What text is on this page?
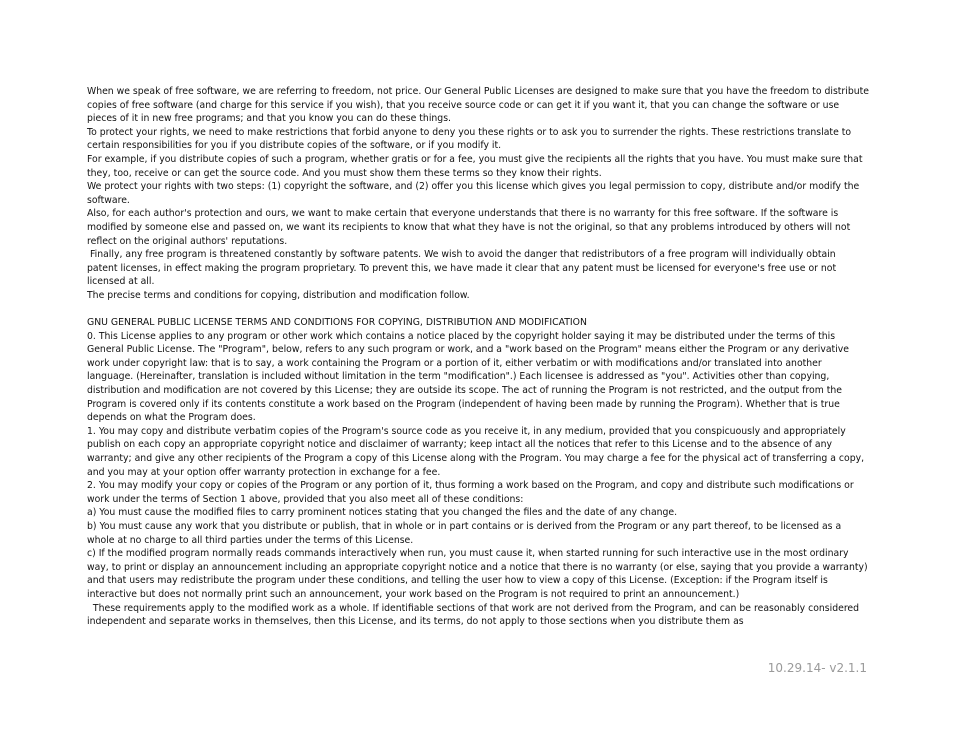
When we speak of free software, we are referring to freedom, not price. Our General Public Licenses are designed to make sure that you have the freedom to distribute copies of free software (and charge for this service if you wish), that you receive source code or can get it if you want it, that you can change the software or use pieces of it in new free programs; and that you know you can do these things.

To protect your rights, we need to make restrictions that forbid anyone to deny you these rights or to ask you to surrender the rights. These restrictions translate to certain responsibilities for you if you distribute copies of the software, or if you modify it.

For example, if you distribute copies of such a program, whether gratis or for a fee, you must give the recipients all the rights that you have. You must make sure that they, too, receive or can get the source code. And you must show them these terms so they know their rights.

We protect your rights with two steps: (1) copyright the software, and (2) offer you this license which gives you legal permission to copy, distribute and/or modify the software.

Also, for each author's protection and ours, we want to make certain that everyone understands that there is no warranty for this free software. If the software is modified by someone else and passed on, we want its recipients to know that what they have is not the original, so that any problems introduced by others will not reflect on the original authors' reputations.

Finally, any free program is threatened constantly by software patents. We wish to avoid the danger that redistributors of a free program will individually obtain patent licenses, in effect making the program proprietary. To prevent this, we have made it clear that any patent must be licensed for everyone's free use or not licensed at all.

The precise terms and conditions for copying, distribution and modification follow.

GNU GENERAL PUBLIC LICENSE TERMS AND CONDITIONS FOR COPYING, DISTRIBUTION AND MODIFICATION

0. This License applies to any program or other work which contains a notice placed by the copyright holder saying it may be distributed under the terms of this General Public License. The "Program", below, refers to any such program or work, and a "work based on the Program" means either the Program or any derivative work under copyright law: that is to say, a work containing the Program or a portion of it, either verbatim or with modifications and/or translated into another language. (Hereinafter, translation is included without limitation in the term "modification".) Each licensee is addressed as "you". Activities other than copying, distribution and modification are not covered by this License; they are outside its scope. The act of running the Program is not restricted, and the output from the Program is covered only if its contents constitute a work based on the Program (independent of having been made by running the Program). Whether that is true depends on what the Program does.

1. You may copy and distribute verbatim copies of the Program's source code as you receive it, in any medium, provided that you conspicuously and appropriately publish on each copy an appropriate copyright notice and disclaimer of warranty; keep intact all the notices that refer to this License and to the absence of any warranty; and give any other recipients of the Program a copy of this License along with the Program. You may charge a fee for the physical act of transferring a copy, and you may at your option offer warranty protection in exchange for a fee.

2. You may modify your copy or copies of the Program or any portion of it, thus forming a work based on the Program, and copy and distribute such modifications or work under the terms of Section 1 above, provided that you also meet all of these conditions:

a) You must cause the modified files to carry prominent notices stating that you changed the files and the date of any change.

b) You must cause any work that you distribute or publish, that in whole or in part contains or is derived from the Program or any part thereof, to be licensed as a whole at no charge to all third parties under the terms of this License.

c) If the modified program normally reads commands interactively when run, you must cause it, when started running for such interactive use in the most ordinary way, to print or display an announcement including an appropriate copyright notice and a notice that there is no warranty (or else, saying that you provide a warranty) and that users may redistribute the program under these conditions, and telling the user how to view a copy of this License. (Exception: if the Program itself is interactive but does not normally print such an announcement, your work based on the Program is not required to print an announcement.)

These requirements apply to the modified work as a whole. If identifiable sections of that work are not derived from the Program, and can be reasonably considered independent and separate works in themselves, then this License, and its terms, do not apply to those sections when you distribute them as

10.29.14- v2.1.1
